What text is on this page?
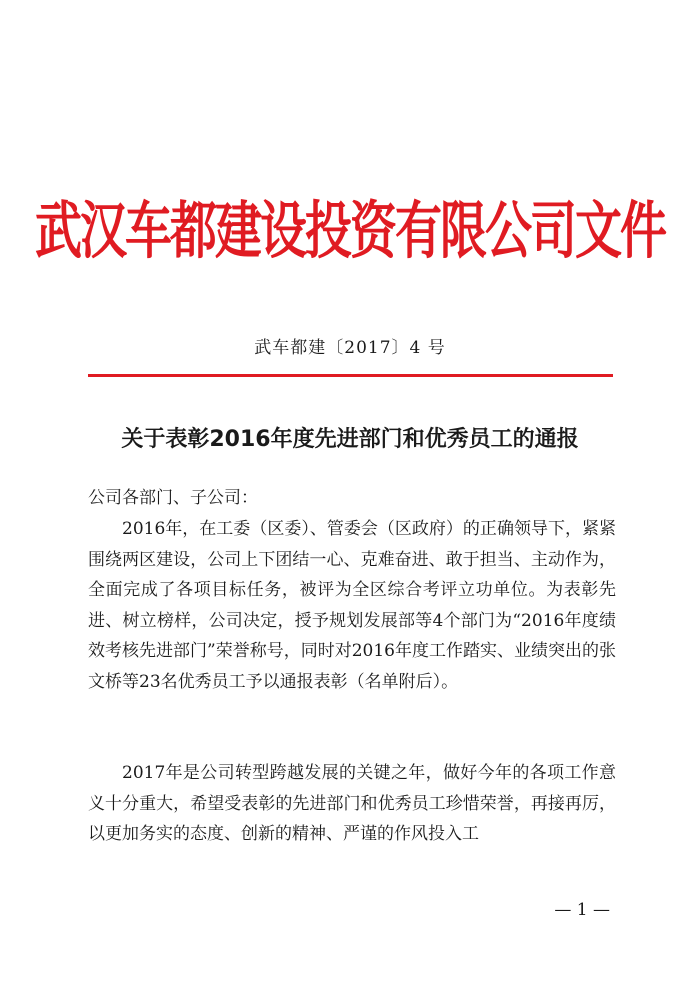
武汉车都建设投资有限公司文件
武车都建〔2017〕4 号
关于表彰2016年度先进部门和优秀员工的通报
公司各部门、子公司：
2016年，在工委（区委）、管委会（区政府）的正确领导下，紧紧围绕两区建设，公司上下团结一心、克难奋进、敢于担当、主动作为，全面完成了各项目标任务，被评为全区综合考评立功单位。为表彰先进、树立榜样，公司决定，授予规划发展部等4个部门为“2016年度绩效考核先进部门”荣誉称号，同时对2016年度工作踏实、业绩突出的张文桥等23名优秀员工予以通报表彰（名单附后）。
2017年是公司转型跨越发展的关键之年，做好今年的各项工作意义十分重大，希望受表彰的先进部门和优秀员工珍惜荣誉，再接再厉，以更加务实的态度、创新的精神、严谨的作风投入工
— 1 —
